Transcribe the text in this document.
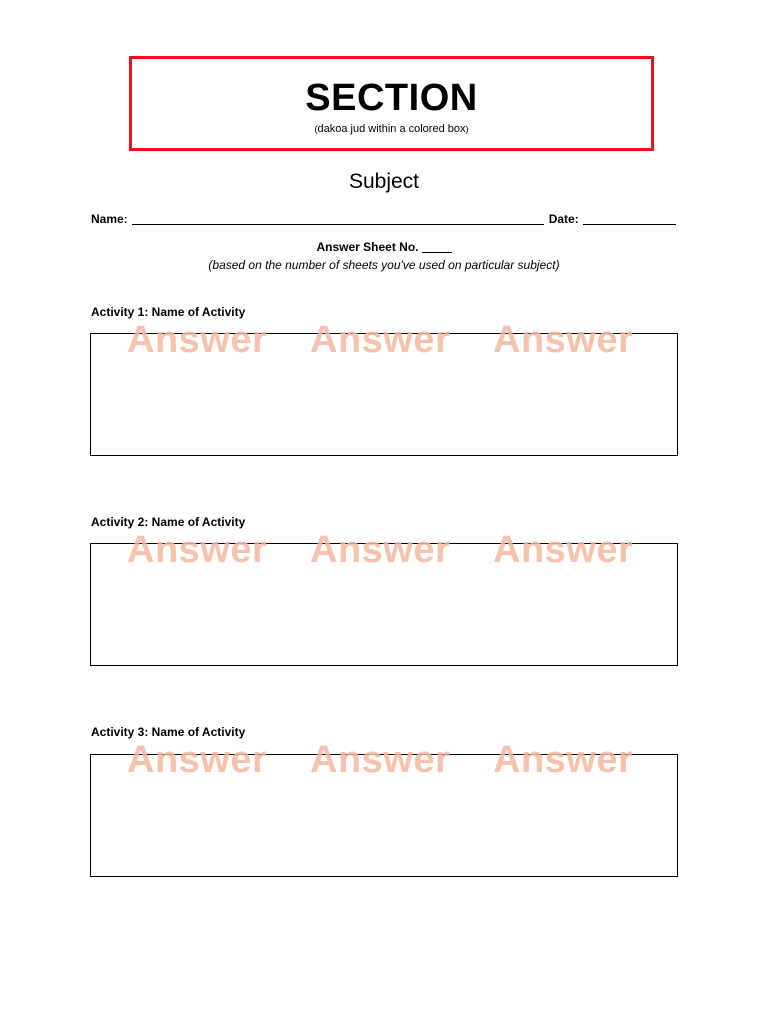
SECTION
(dakoa jud within a colored box)
Subject
Name:	Date:
Answer Sheet No.
(based on the number of sheets you've used on particular subject)
Activity 1: Name of Activity
Answer Answer Answer
Activity 2: Name of Activity
Answer Answer Answer
Activity 3: Name of Activity
Answer Answer Answer
